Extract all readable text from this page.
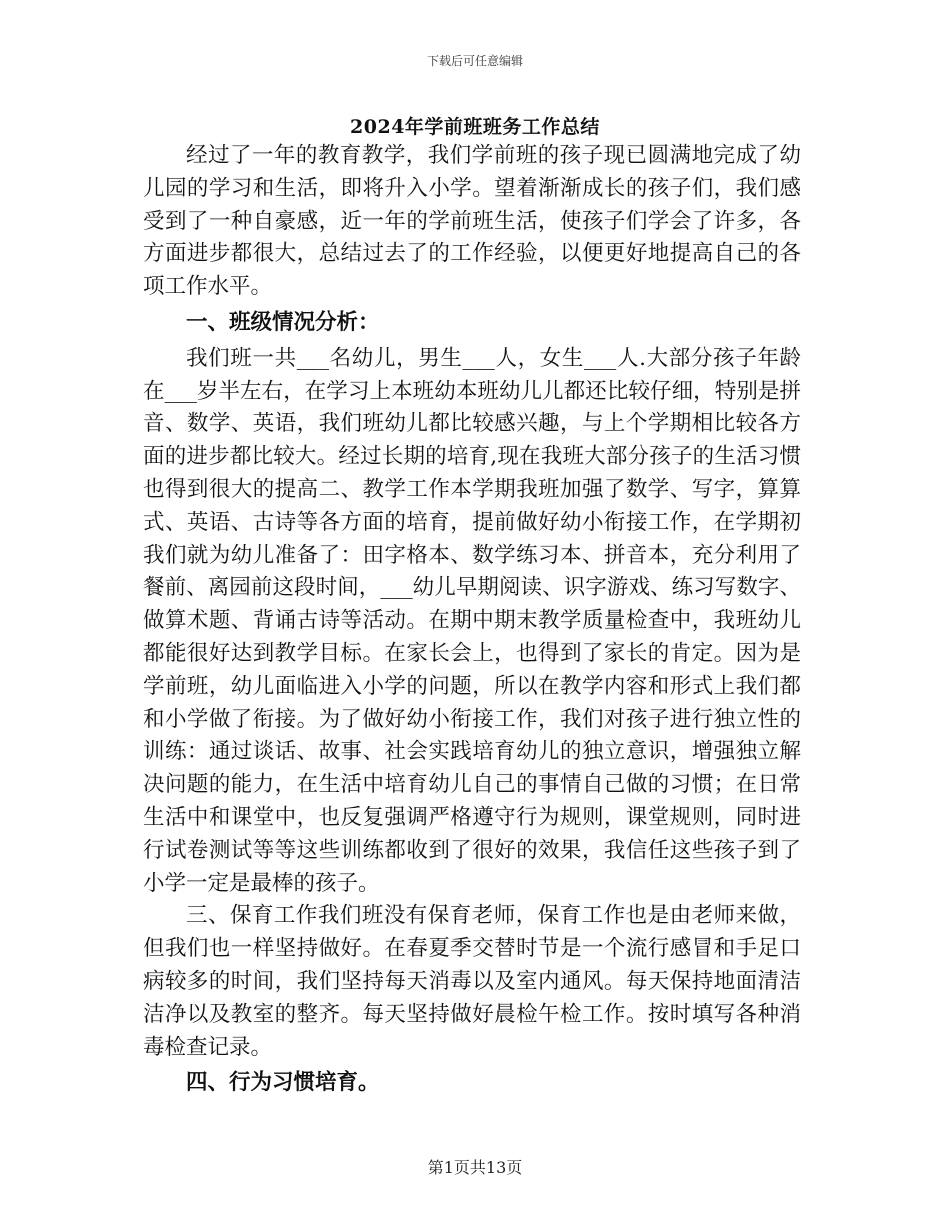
下载后可任意编辑
2024年学前班班务工作总结

经过了一年的教育教学，我们学前班的孩子现已圆满地完成了幼儿园的学习和生活，即将升入小学。望着渐渐成长的孩子们，我们感受到了一种自豪感，近一年的学前班生活，使孩子们学会了许多，各方面进步都很大，总结过去了的工作经验，以便更好地提高自己的各项工作水平。

一、班级情况分析：

我们班一共___名幼儿，男生___人，女生___人.大部分孩子年龄在___岁半左右，在学习上本班幼本班幼儿儿都还比较仔细，特别是拼音、数学、英语，我们班幼儿都比较感兴趣，与上个学期相比较各方面的进步都比较大。经过长期的培育,现在我班大部分孩子的生活习惯也得到很大的提高二、教学工作本学期我班加强了数学、写字，算算式、英语、古诗等各方面的培育，提前做好幼小衔接工作，在学期初我们就为幼儿准备了：田字格本、数学练习本、拼音本，充分利用了餐前、离园前这段时间，___幼儿早期阅读、识字游戏、练习写数字、做算术题、背诵古诗等活动。在期中期末教学质量检查中，我班幼儿都能很好达到教学目标。在家长会上，也得到了家长的肯定。因为是学前班，幼儿面临进入小学的问题，所以在教学内容和形式上我们都和小学做了衔接。为了做好幼小衔接工作，我们对孩子进行独立性的训练：通过谈话、故事、社会实践培育幼儿的独立意识，增强独立解决问题的能力，在生活中培育幼儿自己的事情自己做的习惯；在日常生活中和课堂中，也反复强调严格遵守行为规则，课堂规则，同时进行试卷测试等等这些训练都收到了很好的效果，我信任这些孩子到了小学一定是最棒的孩子。

三、保育工作我们班没有保育老师，保育工作也是由老师来做，但我们也一样坚持做好。在春夏季交替时节是一个流行感冒和手足口病较多的时间，我们坚持每天消毒以及室内通风。每天保持地面清洁洁净以及教室的整齐。每天坚持做好晨检午检工作。按时填写各种消毒检查记录。

四、行为习惯培育。

第1页共13页
